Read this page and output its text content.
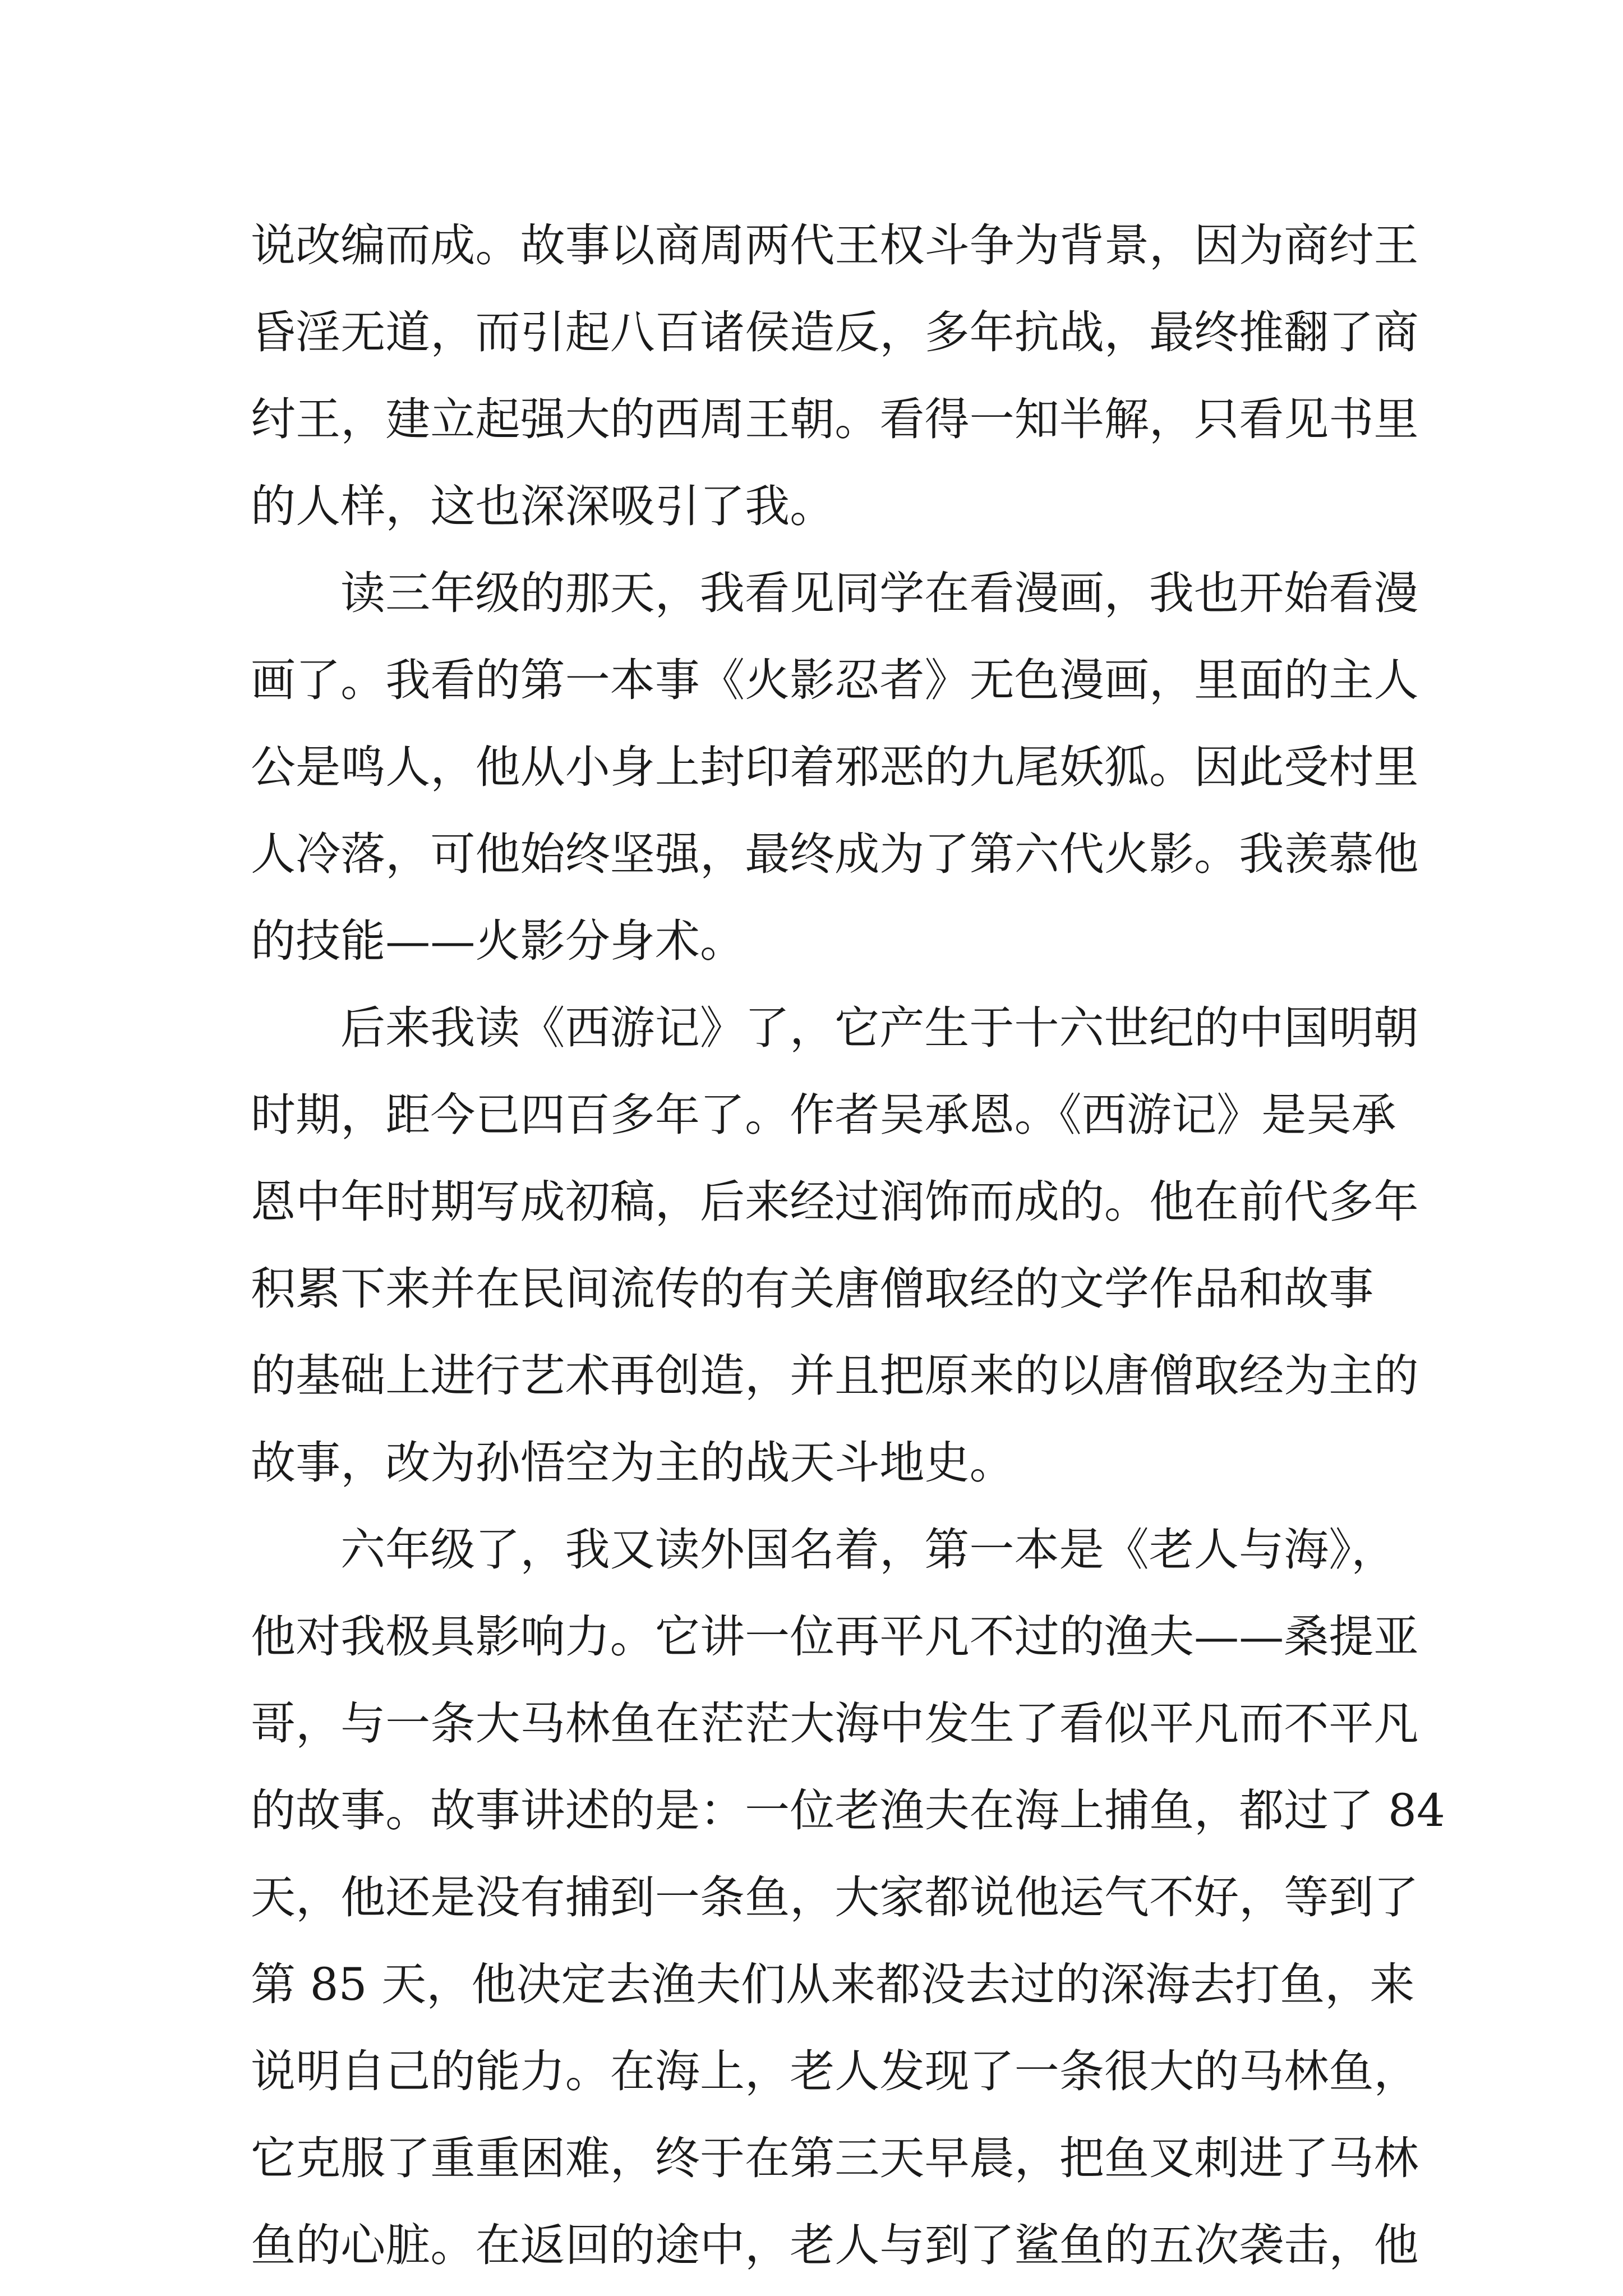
说改编而成。故事以商周两代王权斗争为背景，因为商纣王
昏淫无道，而引起八百诸侯造反，多年抗战，最终推翻了商
纣王，建立起强大的西周王朝。看得一知半解，只看见书里
的人样，这也深深吸引了我。
读三年级的那天，我看见同学在看漫画，我也开始看漫
画了。我看的第一本事《火影忍者》无色漫画，里面的主人
公是鸣人，他从小身上封印着邪恶的九尾妖狐。因此受村里
人冷落，可他始终坚强，最终成为了第六代火影。我羡慕他
的技能——火影分身术。
后来我读《西游记》了，它产生于十六世纪的中国明朝
时期，距今已四百多年了。作者吴承恩。《西游记》是吴承
恩中年时期写成初稿，后来经过润饰而成的。他在前代多年
积累下来并在民间流传的有关唐僧取经的文学作品和故事
的基础上进行艺术再创造，并且把原来的以唐僧取经为主的
故事，改为孙悟空为主的战天斗地史。
六年级了，我又读外国名着，第一本是《老人与海》，
他对我极具影响力。它讲一位再平凡不过的渔夫——桑提亚
哥，与一条大马林鱼在茫茫大海中发生了看似平凡而不平凡
的故事。故事讲述的是：一位老渔夫在海上捕鱼，都过了 84
天，他还是没有捕到一条鱼，大家都说他运气不好，等到了
第 85 天，他决定去渔夫们从来都没去过的深海去打鱼，来
说明自己的能力。在海上，老人发现了一条很大的马林鱼，
它克服了重重困难，终于在第三天早晨，把鱼叉刺进了马林
鱼的心脏。在返回的途中，老人与到了鲨鱼的五次袭击，他
